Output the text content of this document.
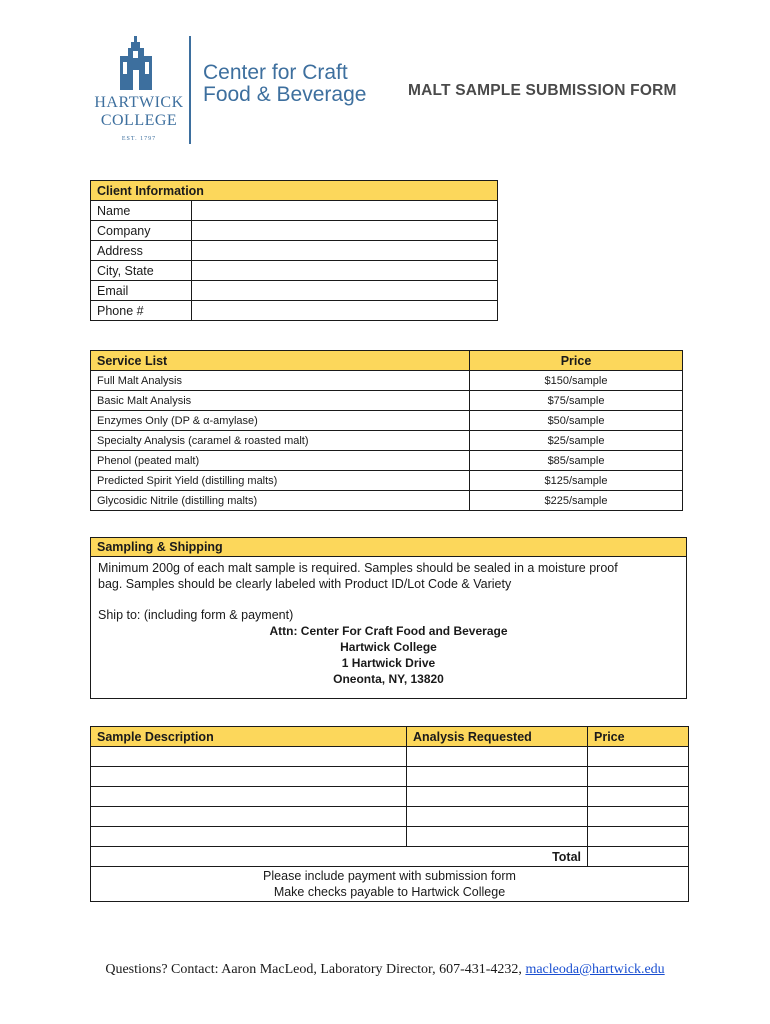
HARTWICK
COLLEGE
EST. 1797
Center for Craft
Food & Beverage	MALT SAMPLE SUBMISSION FORM
Client Information	
Name	
Company	
Address	
City, State	
Email	
Phone #	
Service List	Price
Full Malt Analysis	$150/sample
Basic Malt Analysis	$75/sample
Enzymes Only (DP & α-amylase)	$50/sample
Specialty Analysis (caramel & roasted malt)	$25/sample
Phenol (peated malt)	$85/sample
Predicted Spirit Yield (distilling malts)	$125/sample
Glycosidic Nitrile (distilling malts)	$225/sample
Sampling & Shipping
Minimum 200g of each malt sample is required. Samples should be sealed in a moisture proof
bag. Samples should be clearly labeled with Product ID/Lot Code & Variety
Ship to: (including form & payment)
Attn: Center For Craft Food and Beverage
Hartwick College
1 Hartwick Drive
Oneonta, NY, 13820
Sample Description	Analysis Requested	Price

Total		

Please include payment with submission form
Make checks payable to Hartwick College		
Questions? Contact: Aaron MacLeod, Laboratory Director, 607-431-4232, macleoda@hartwick.edu
